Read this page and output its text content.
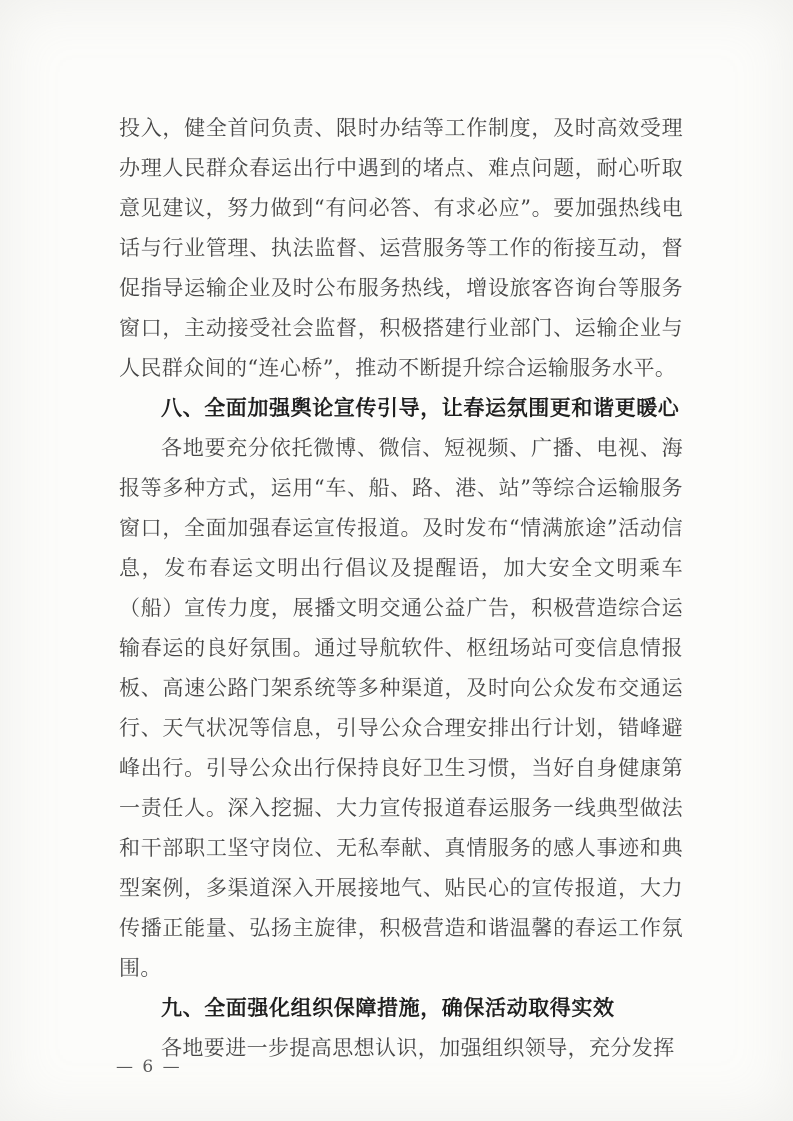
投入，健全首问负责、限时办结等工作制度，及时高效受理办理人民群众春运出行中遇到的堵点、难点问题，耐心听取意见建议，努力做到“有问必答、有求必应”。要加强热线电话与行业管理、执法监督、运营服务等工作的衔接互动，督促指导运输企业及时公布服务热线，增设旅客咨询台等服务窗口，主动接受社会监督，积极搭建行业部门、运输企业与人民群众间的“连心桥”，推动不断提升综合运输服务水平。

八、全面加强舆论宣传引导，让春运氛围更和谐更暖心

各地要充分依托微博、微信、短视频、广播、电视、海报等多种方式，运用“车、船、路、港、站”等综合运输服务窗口，全面加强春运宣传报道。及时发布“情满旅途”活动信息，发布春运文明出行倡议及提醒语，加大安全文明乘车（船）宣传力度，展播文明交通公益广告，积极营造综合运输春运的良好氛围。通过导航软件、枢纽场站可变信息情报板、高速公路门架系统等多种渠道，及时向公众发布交通运行、天气状况等信息，引导公众合理安排出行计划，错峰避峰出行。引导公众出行保持良好卫生习惯，当好自身健康第一责任人。深入挖掘、大力宣传报道春运服务一线典型做法和干部职工坚守岗位、无私奉献、真情服务的感人事迹和典型案例，多渠道深入开展接地气、贴民心的宣传报道，大力传播正能量、弘扬主旋律，积极营造和谐温馨的春运工作氛围。

九、全面强化组织保障措施，确保活动取得实效

各地要进一步提高思想认识，加强组织领导，充分发挥

— 6 —
